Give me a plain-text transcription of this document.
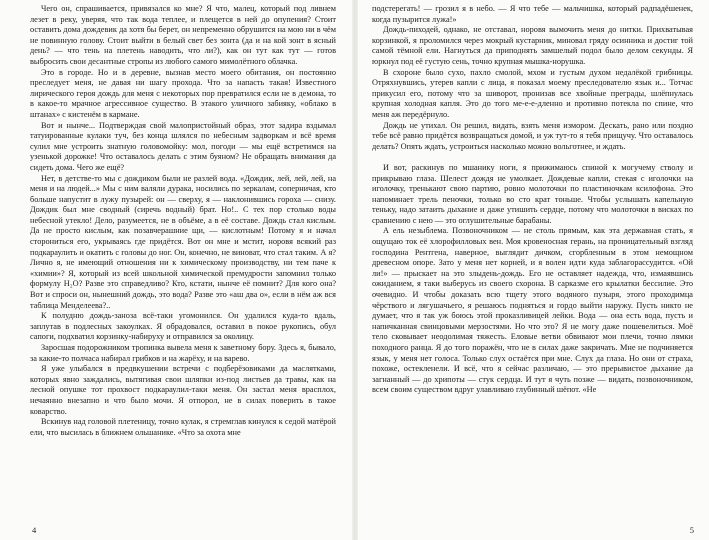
Чего он, спрашивается, привязался ко мне? Я что, малец, который под ливнем лезет в реку, уверяя, что так вода теплее, и плещется в ней до опупения? Стоит оставить дома дождевик да хотя бы берет, он непременно обрушится на мою ни в чём не повинную голову. Стоит выйти в белый свет без зонта (да и на кой зонт в ясный день? — что тень на плетень наводить, что ли?), как он тут как тут — готов выбросить свои десантные стропы из любого самого мимолётного облачка.

Это в городе. Но и в деревне, вызнав место моего обитания, он постоянно преследует меня, не давая ни шагу прохода. Что за напасть такая! Известного лирического героя дождь для меня с некоторых пор превратился если не в демона, то в какое-то мрачное агрессивное существо. В этакого уличного забияку, «облако в штанах» с кистенём в кармане.

Вот и нынче... Подтверждая свой малопристойный образ, этот задира вздымал татуированные кулаки туч, без конца шлялся по небесным задворкам и всё время сулил мне устроить знатную головомойку: мол, погоди — мы ещё встретимся на узенькой дорожке! Что оставалось делать с этим буяном? Не обращать внимания да сидеть дома. Чего же ещё?

Нет, в детстве-то мы с дождиком были не разлей вода. «Дождик, лей, лей, лей, на меня и на людей...» Мы с ним валяли дурака, носились по зеркалам, соперничая, кто больше напустит в лужу пузырей: он — сверху, я — наклонившись гороха — снизу. Дождик был мне сводный (сиречь водный) брат. Но!.. С тех пор столько воды небесной утекло! Дело, разумеется, не в объёме, а в её составе. Дождь стал кислым. Да не просто кислым, как позавчерашние щи, — кислотным! Потому я и начал сторониться его, укрываясь где придётся. Вот он мне и мстит, норовя всякий раз подкараулить и окатить с головы до ног. Он, конечно, не виноват, что стал таким. А я? Лично я, не имеющий отношения ни к химическому производству, ни тем паче к «химии»? Я, который из всей школьной химической премудрости запомнил только формулу H₂O? Разве это справедливо? Кто, кстати, нынче её помнит? Для кого она? Вот и спроси он, нынешний дождь, это вода? Разве это «аш два о», если в нём аж вся таблица Менделеева?..

К полудню дождь-заноза всё-таки угомонился. Он удалился куда-то вдаль, заплутав в подлесных закоулках. Я обрадовался, оставил в покое рукопись, обул сапоги, подхватил корзинку-набируху и отправился за околицу.

Заросшая подорожником тропинка вывела меня к заветному бору. Здесь я, бывало, за какие-то полчаса набирал грибков и на жарёху, и на варево.

Я уже улыбался в предвкушении встречи с подберёзовиками да маслятками, которых явно заждались, вытягивая свои шляпки из-под листьев да травы, как на лесной опушке тот прохвост подкараулил-таки меня. Он застал меня врасплох, нечаянно внезапно и что было мочи. Я отпорол, не в силах поверить в такое коварство.

Вскинув над головой плетеницу, точно кулак, я стремглав кинулся к седой матёрой ели, что высилась в ближнем ольшанике. «Что за охота мне

4

подстерегать! — грозил я в небо. — Я что тебе — мальчишка, который радпадёшенек, когда пузырится лужа!»

Дождь-пиходей, однако, не отставал, норовя вымочить меня до нитки. Прихватывая корзинкой, я проломился через мокрый кустарник, миновал гряду осинника и достиг той самой тёмной ели. Нагнуться да приподнять замшелый подол было делом секунды. Я юркнул под её густую сень, точно крупная мышка-норушка.

В схороне было сухо, пахло смолой, мхом и густым духом недалёкой грибницы. Отряхнувшись, утерев капли с лица, я показал моему преследователю язык и... Тотчас прикусил его, потому что за шиворот, пронизав все хвойные преграды, шлёпнулась крупная холодная капля. Это до того ме-е-е-дленно и противно потекла по спине, что меня аж передёрнуло.

Дождь не утихал. Он решил, видать, взять меня измором. Дескать, рано или поздно тебе всё равно придётся возвращаться домой, и уж тут-то я тебя прищучу. Что оставалось делать? Опять ждать, устроиться насколько можно вольготнее, и ждать.

И вот, раскинув по мшанику ноги, я прижимаюсь спиной к могучему стволу и прикрываю глаза. Шелест дождя не умолкает. Дождевые капли, стекая с иголочки на иголочку, тренькают свою партию, ровно молоточки по пластиночкам ксилофона. Это напоминает трель пеночки, только во сто крат тоньше. Чтобы услышать капельную теньку, надо затаить дыхание и даже утишить сердце, потому что молоточки в висках по сравнению с нею — это оглушительные барабаны.

А ель незыблема. Позвоночником — не столь прямым, как эта державная стать, я ощущаю ток её хлорофилловых вен. Моя кровеносная герань, на проницательный взгляд господина Рентгена, наверное, выглядит дичком, сгорбленным в этом немощном древесном опоре. Зато у меня нет корней, и я волен идти куда заблагорассудится. «Ой ли!» — прыскает на это злыдень-дождь. Его не оставляет надежда, что, измаявшись ожиданием, я таки выберусь из своего схорона. В сарказме его крылатки бессилие. Это очевидно. И чтобы доказать всю тщету этого водяного пузыря, этого проходимца чёрствого и лягушачьего, я решаюсь подняться и гордо выйти наружу. Пусть никто не думает, что я так уж боюсь этой проказливицей лейки. Вода — она есть вода, пусть и напичканная свинцовыми мерзостями. Но что это? Я не могу даже пошевелиться. Моё тело сковывает неодолимая тяжесть. Еловые ветви обвивают мои плечи, точно лямки походного ранца. Я до того поражён, что не в силах даже закричать. Мне не подчиняется язык, у меня нет голоса. Только слух остаётся при мне. Слух да глаза. Но они от страха, похоже, остекленели. И всё, что я сейчас различаю, — это прерывистое дыхание да загнанный — до хрипоты — стук сердца. И тут я чуть позже — видать, позвоночником, всем своим существом вдруг улавливаю глубинный шёпот. «Не

5
